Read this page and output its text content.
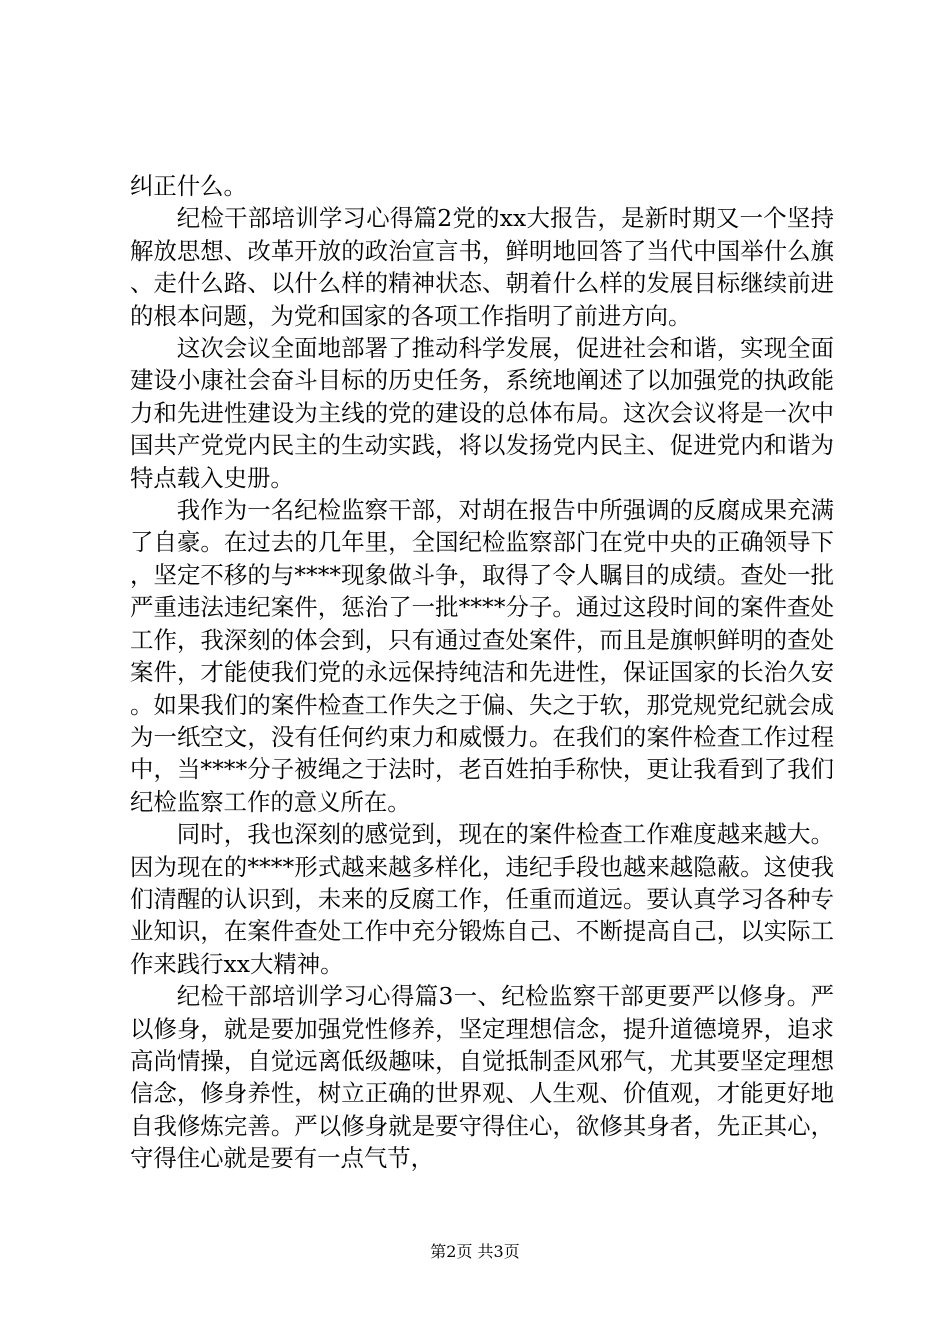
纠正什么。

纪检干部培训学习心得篇2党的xx大报告，是新时期又一个坚持解放思想、改革开放的政治宣言书，鲜明地回答了当代中国举什么旗、走什么路、以什么样的精神状态、朝着什么样的发展目标继续前进的根本问题，为党和国家的各项工作指明了前进方向。

这次会议全面地部署了推动科学发展，促进社会和谐，实现全面建设小康社会奋斗目标的历史任务，系统地阐述了以加强党的执政能力和先进性建设为主线的党的建设的总体布局。这次会议将是一次中国共产党党内民主的生动实践，将以发扬党内民主、促进党内和谐为特点载入史册。

我作为一名纪检监察干部，对胡在报告中所强调的反腐成果充满了自豪。在过去的几年里，全国纪检监察部门在党中央的正确领导下，坚定不移的与****现象做斗争，取得了令人瞩目的成绩。查处一批严重违法违纪案件，惩治了一批****分子。通过这段时间的案件查处工作，我深刻的体会到，只有通过查处案件，而且是旗帜鲜明的查处案件，才能使我们党的永远保持纯洁和先进性，保证国家的长治久安。如果我们的案件检查工作失之于偏、失之于软，那党规党纪就会成为一纸空文，没有任何约束力和威慑力。在我们的案件检查工作过程中，当****分子被绳之于法时，老百姓拍手称快，更让我看到了我们纪检监察工作的意义所在。

同时，我也深刻的感觉到，现在的案件检查工作难度越来越大。因为现在的****形式越来越多样化，违纪手段也越来越隐蔽。这使我们清醒的认识到，未来的反腐工作，任重而道远。要认真学习各种专业知识，在案件查处工作中充分锻炼自己、不断提高自己，以实际工作来践行xx大精神。

纪检干部培训学习心得篇3一、纪检监察干部更要严以修身。严以修身，就是要加强党性修养，坚定理想信念，提升道德境界，追求高尚情操，自觉远离低级趣味，自觉抵制歪风邪气，尤其要坚定理想信念，修身养性，树立正确的世界观、人生观、价值观，才能更好地自我修炼完善。严以修身就是要守得住心，欲修其身者，先正其心，守得住心就是要有一点气节，

第2页 共3页
